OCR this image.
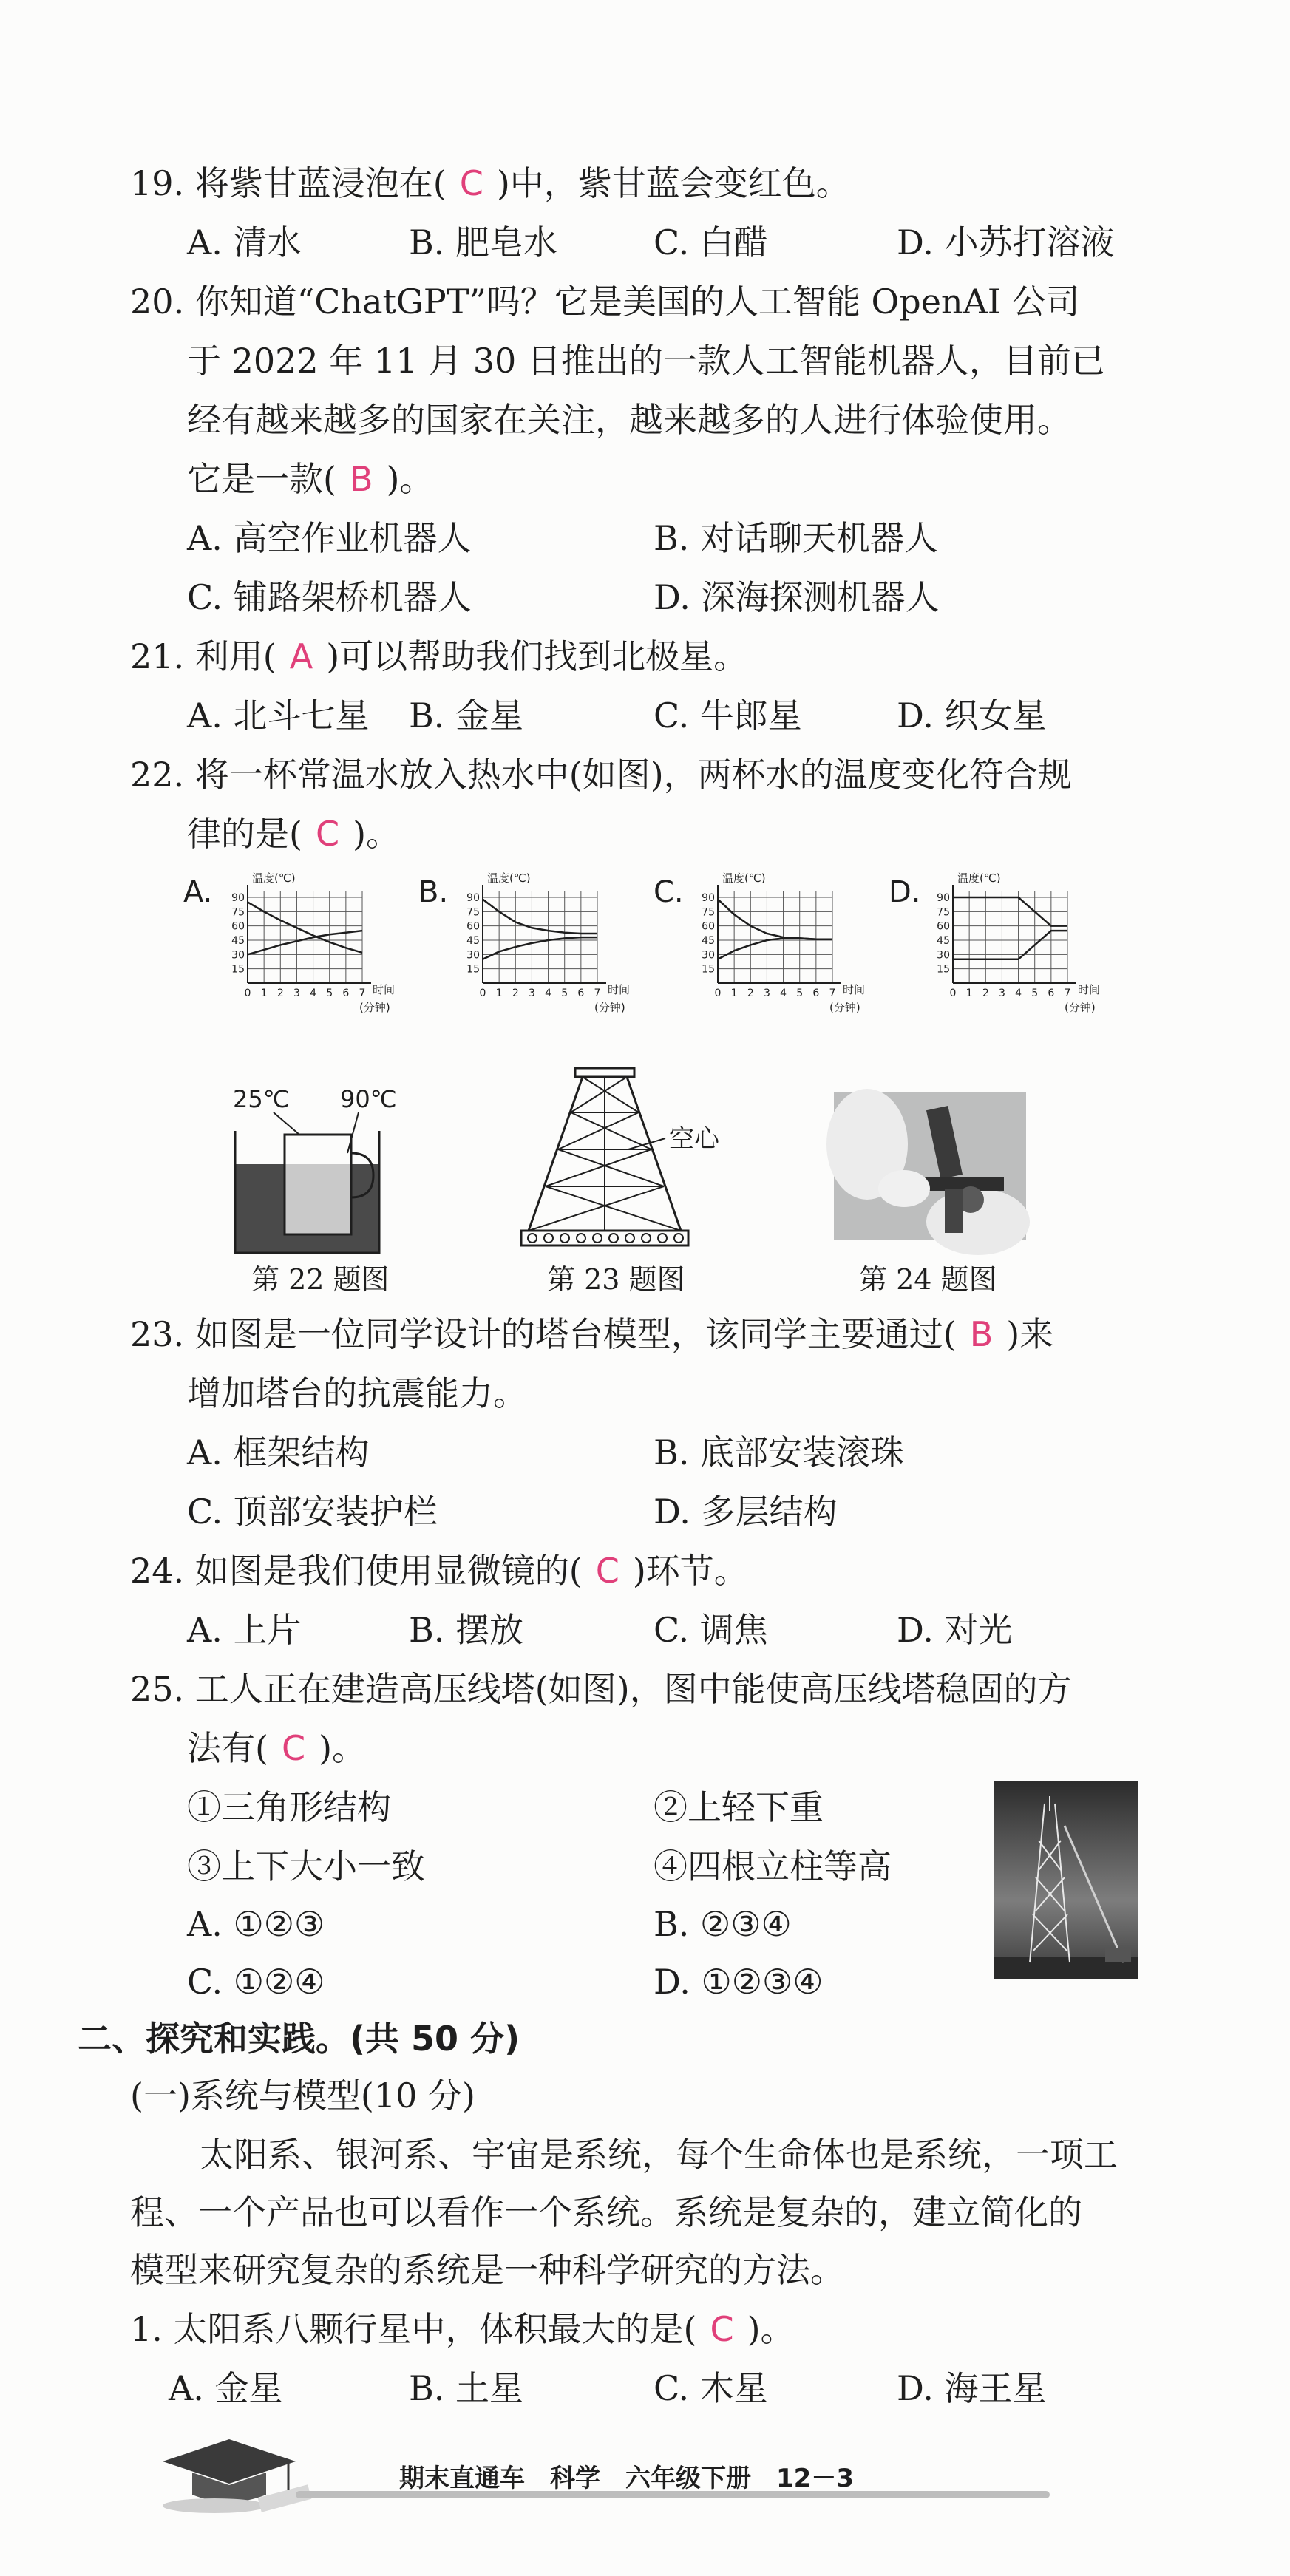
19. 将紫甘蓝浸泡在( C )中，紫甘蓝会变红色。
A. 清水	B. 肥皂水	C. 白醋	D. 小苏打溶液
20. 你知道“ChatGPT”吗？它是美国的人工智能 OpenAI 公司
于 2022 年 11 月 30 日推出的一款人工智能机器人，目前已
经有越来越多的国家在关注，越来越多的人进行体验使用。
它是一款( B )。
A. 高空作业机器人	B. 对话聊天机器人
C. 铺路架桥机器人	D. 深海探测机器人
21. 利用( A )可以帮助我们找到北极星。
A. 北斗七星 B. 金星	C. 牛郎星	D. 织女星
22. 将一杯常温水放入热水中(如图)，两杯水的温度变化符合规
律的是( C )。
A.
15
30
45
60
75
90
0 1 2 3 4 5 6 7
温度(℃)
时间
(分钟)
B.
15
30
45
60
75
90
0 1 2 3 4 5 6 7
温度(℃)
时间
(分钟)
C.
15
30
45
60
75
90
0 1 2 3 4 5 6 7
温度(℃)
时间
(分钟)
D.
15
30
45
60
75
90
0 1 2 3 4 5 6 7
温度(℃)
时间
(分钟)
25℃ 90℃
空心
第 22 题图	第 23 题图	第 24 题图
23. 如图是一位同学设计的塔台模型，该同学主要通过( B )来
增加塔台的抗震能力。
A. 框架结构	B. 底部安装滚珠
C. 顶部安装护栏	D. 多层结构
24. 如图是我们使用显微镜的( C )环节。
A. 上片	B. 摆放	C. 调焦	D. 对光
25. 工人正在建造高压线塔(如图)，图中能使高压线塔稳固的方
法有( C )。
①三角形结构	②上轻下重
③上下大小一致	④四根立柱等高
A. ①②③	B. ②③④
C. ①②④	D. ①②③④
二、探究和实践。(共 50 分)
(一)系统与模型(10 分)
太阳系、银河系、宇宙是系统，每个生命体也是系统，一项工
程、一个产品也可以看作一个系统。系统是复杂的，建立简化的
模型来研究复杂的系统是一种科学研究的方法。
1. 太阳系八颗行星中，体积最大的是( C )。
A. 金星	B. 土星	C. 木星	D. 海王星
期末直通车　科学　六年级下册　12－3
